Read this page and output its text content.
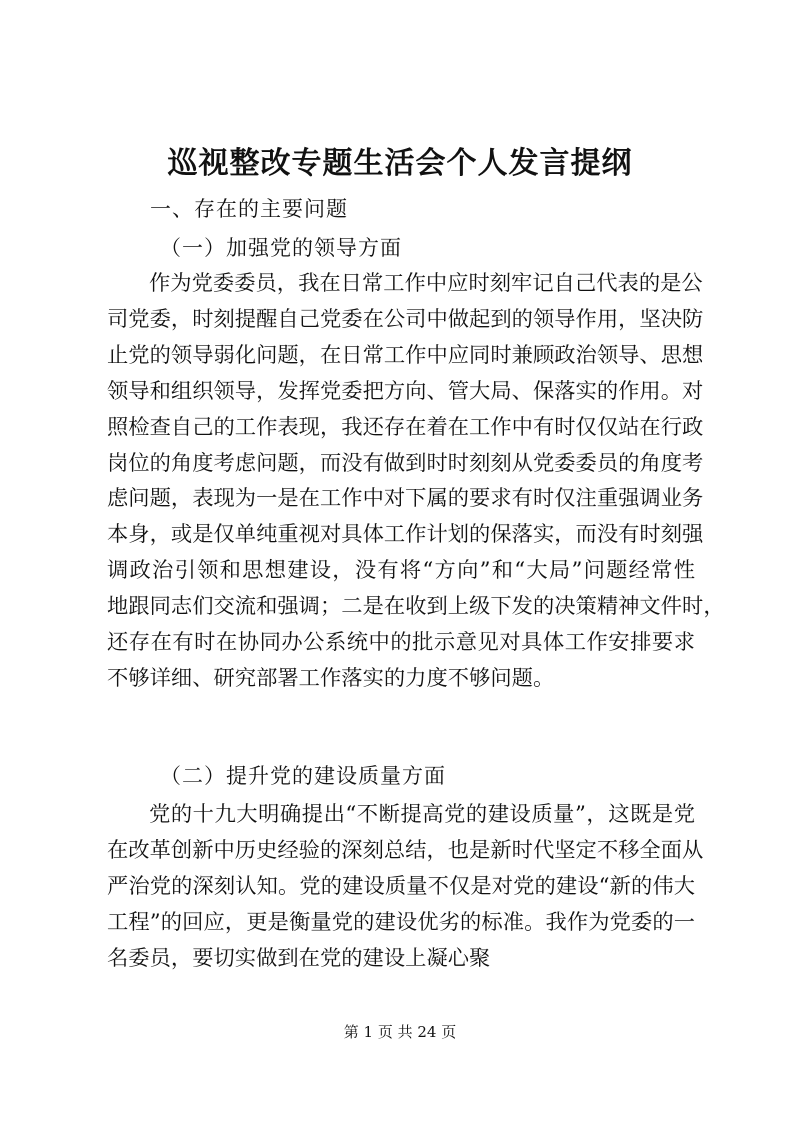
巡视整改专题生活会个人发言提纲

一、存在的主要问题

（一）加强党的领导方面

作为党委委员，我在日常工作中应时刻牢记自己代表的是公
司党委，时刻提醒自己党委在公司中做起到的领导作用，坚决防
止党的领导弱化问题，在日常工作中应同时兼顾政治领导、思想
领导和组织领导，发挥党委把方向、管大局、保落实的作用。对
照检查自己的工作表现，我还存在着在工作中有时仅仅站在行政
岗位的角度考虑问题，而没有做到时时刻刻从党委委员的角度考
虑问题，表现为一是在工作中对下属的要求有时仅注重强调业务
本身，或是仅单纯重视对具体工作计划的保落实，而没有时刻强
调政治引领和思想建设，没有将“方向”和“大局”问题经常性
地跟同志们交流和强调；二是在收到上级下发的决策精神文件时，
还存在有时在协同办公系统中的批示意见对具体工作安排要求
不够详细、研究部署工作落实的力度不够问题。

（二）提升党的建设质量方面

党的十九大明确提出“不断提高党的建设质量”，这既是党
在改革创新中历史经验的深刻总结，也是新时代坚定不移全面从
严治党的深刻认知。党的建设质量不仅是对党的建设“新的伟大
工程”的回应，更是衡量党的建设优劣的标准。我作为党委的一
名委员，要切实做到在党的建设上凝心聚

第 1 页 共 24 页
